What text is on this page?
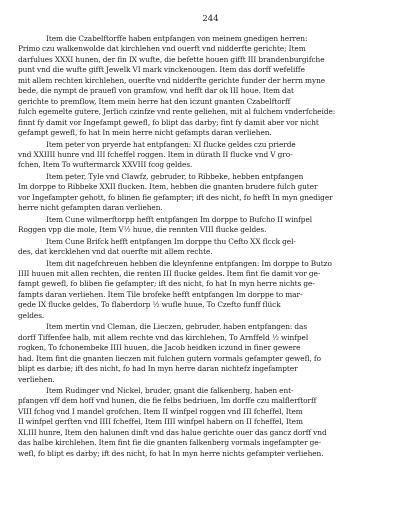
244
Item die Czabelftorffe haben entpfangen von meinem gnedigen herren:
Primo czu walkenwolde dat kirchlehen vnd ouerft vnd nidderfte gerichte; Item
darfulues XXXI hunen, der fin IX wufte, die befette houen gifft III brandenburgifche
punt vnd die wufte gifft Jewelk VI mark vinckenougen. Item das dorff wefeliffe
mit allem rechten kirchlehen, ouerfte vnd nidderfte gerichte funder der herrn myne
bede, die nympt de prauefl von gramfow, vnd hefft dar ok III houe. Item dat
gerichte to premflow, Item mein herre hat den iczunt gnanten Czabelftorff
fulch egemelte gutere, Jerlich czinfze vnd rente geliehen, mit al fulchem vnderfcheide:
finnt fy damit vor Ingefampt gewefl, fo blipt das darby; fint fy damit aber vor nicht
gefampt gewefl, fo hat In mein herre nicht gefampts daran verliehen.
Item peter von pryerde hat entpfangen: XI flucke geldes czu prierde
vnd XXIIII hunre vnd III fcheffel roggen. Item in dürath II flucke vnd V gro-
fchen, Item To wuftermarck XXVIII fcog geldes.
Item peter, Tyle vnd Clawfz, gebruder, to Ribbeke, hebben entpfangen
Im dorppe to Ribbeke XXII flucken. Item, hebben die gnanten brudere fulch guter
vor Ingefampter gehott, fo blinen fie gefampter; ift des nicht, fo hefft In myn gnediger
herre nicht gefampten daran verliehen.
Item Cune wilmerftorpp hefft entpfangen Im dorppe to Bufcho II winfpel
Roggen vpp die mole, Item V½ huue, die rennten VIII flucke geldes.
Item Cune Brifck hefft entpfangen Im dorppe thu Cefto XX flcck gel-
des, dat kercklehen vnd dat ouerfte mit allem rechte.
Item dit nagefchreuen hebben die kleynfenne entpfangen: Im dorppe to Butzo
IIII huuen mit allen rechten, die renten III flucke geldes. Item fint fie damit vor ge-
fampt gewefl, fo bliben fie gefampter; ift des nicht, fo hat In myn herre nichts ge-
fampts daran verliehen. Item Tile brofeke hefft entpfangen Im dorppe to mar-
gede IX flucke geldes, To flaberdorp ½ wufle huue, To Czefto funff flück
geldes.
Item mertin vnd Cleman, die Lieczen, gebruder, haben entpfangen: das
dorff Tiffenfee halb, mit allem rechte vnd das kirchlehen, To Arnffeld ½ winfpel
rogken, To fchonembeke IIII huuen, die Jacob heidken iczund in finer gewere
had. Item fint die gnanten lieczen mit fulchen gutern vormals gefampter gewefl, fo
blipt es darbie; ift des nicht, fo had In myn herre daran nichtefz ingefampter
verliehen.
Item Rudinger vnd Nickel, bruder, gnant die falkenberg, haben ent-
pfangen vff dem hoff vnd hunen, die fie felbs bedriuen, Im dorffe czu malflerftorff
VIII fchog vnd I mandel grofchen, Item II winfpel roggen vnd III fcheffel, Item
II winfpel gerften vnd IIII fcheffel, Item IIII winfpel habern on II fcheffel, Item
XLIII hunre, Item den halunen dinft vnd das halue gerichte ouer das gancz dorff vnd
das halbe kirchlehen. Item fint fie die gnanten falkenberg vormals ingefampter ge-
wefl, fo blipt es darby; ift des nicht, fo hat In myn herre nichts gefampter verliehen.
